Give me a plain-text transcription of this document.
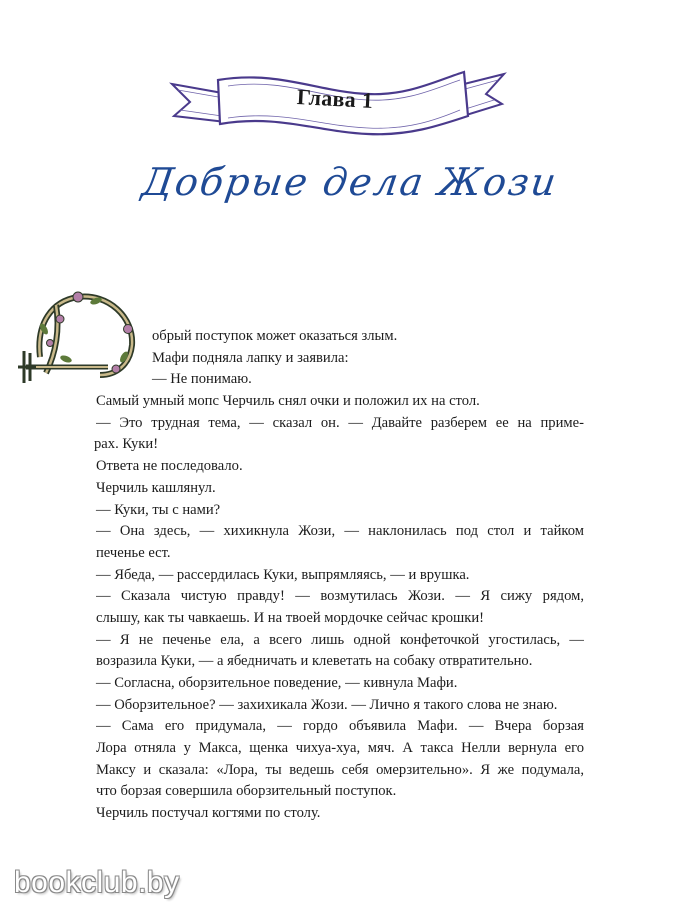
Глава 1
Добрые дела Жози
обрый поступок может оказаться злым.
Мафи подняла лапку и заявила:
— Не понимаю.
Самый умный мопс Черчиль снял очки и положил их на стол.
— Это трудная тема, — сказал он. — Давайте разберем ее на приме-
рах. Куки!
Ответа не последовало.
Черчиль кашлянул.
— Куки, ты с нами?
— Она здесь, — хихикнула Жози, — наклонилась под стол и тайком
печенье ест.
— Ябеда, — рассердилась Куки, выпрямляясь, — и врушка.
— Сказала чистую правду! — возмутилась Жози. — Я сижу рядом,
слышу, как ты чавкаешь. И на твоей мордочке сейчас крошки!
— Я не печенье ела, а всего лишь одной конфеточкой угостилась, —
возразила Куки, — а ябедничать и клеветать на собаку отвратительно.
— Согласна, оборзительное поведение, — кивнула Мафи.
— Оборзительное? — захихикала Жози. — Лично я такого слова не знаю.
— Сама его придумала, — гордо объявила Мафи. — Вчера борзая
Лора отняла у Макса, щенка чихуа-хуа, мяч. А такса Нелли вернула его
Максу и сказала: «Лора, ты ведешь себя омерзительно». Я же подумала,
что борзая совершила оборзительный поступок.
Черчиль постучал когтями по столу.
bookclub.by
